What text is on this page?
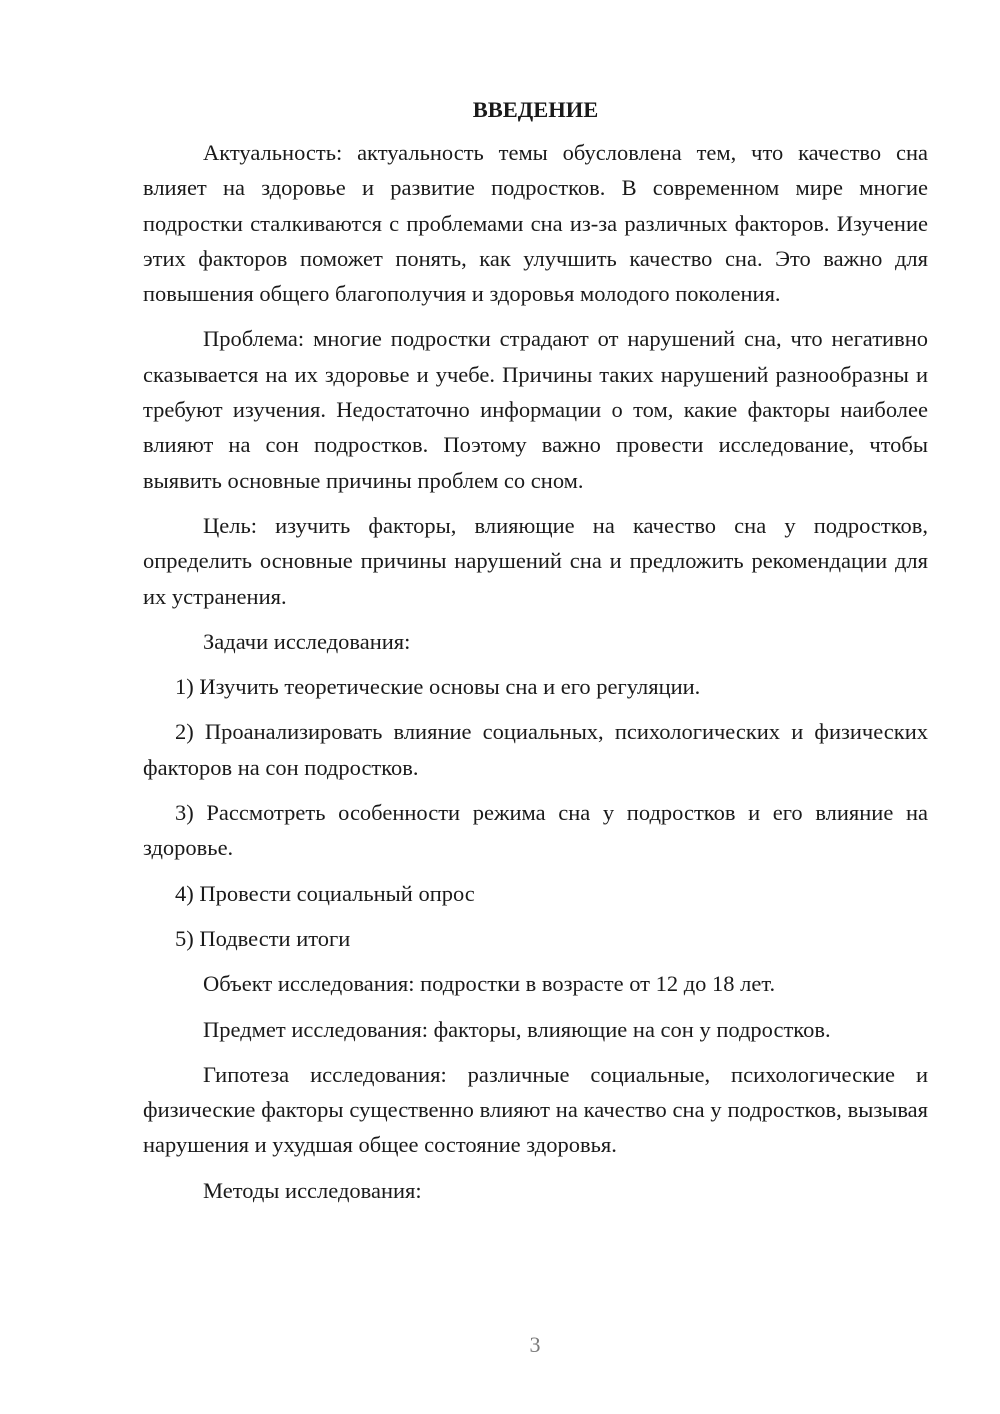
ВВЕДЕНИЕ

Актуальность: актуальность темы обусловлена тем, что качество сна влияет на здоровье и развитие подростков. В современном мире многие подростки сталкиваются с проблемами сна из-за различных факторов. Изучение этих факторов поможет понять, как улучшить качество сна. Это важно для повышения общего благополучия и здоровья молодого поколения.

Проблема: многие подростки страдают от нарушений сна, что негативно сказывается на их здоровье и учебе. Причины таких нарушений разнообразны и требуют изучения. Недостаточно информации о том, какие факторы наиболее влияют на сон подростков. Поэтому важно провести исследование, чтобы выявить основные причины проблем со сном.

Цель: изучить факторы, влияющие на качество сна у подростков, определить основные причины нарушений сна и предложить рекомендации для их устранения.

Задачи исследования:

1) Изучить теоретические основы сна и его регуляции.

2) Проанализировать влияние социальных, психологических и физических факторов на сон подростков.

3) Рассмотреть особенности режима сна у подростков и его влияние на здоровье.

4) Провести социальный опрос

5) Подвести итоги

Объект исследования: подростки в возрасте от 12 до 18 лет.

Предмет исследования: факторы, влияющие на сон у подростков.

Гипотеза исследования: различные социальные, психологические и физические факторы существенно влияют на качество сна у подростков, вызывая нарушения и ухудшая общее состояние здоровья.

Методы исследования:

3
